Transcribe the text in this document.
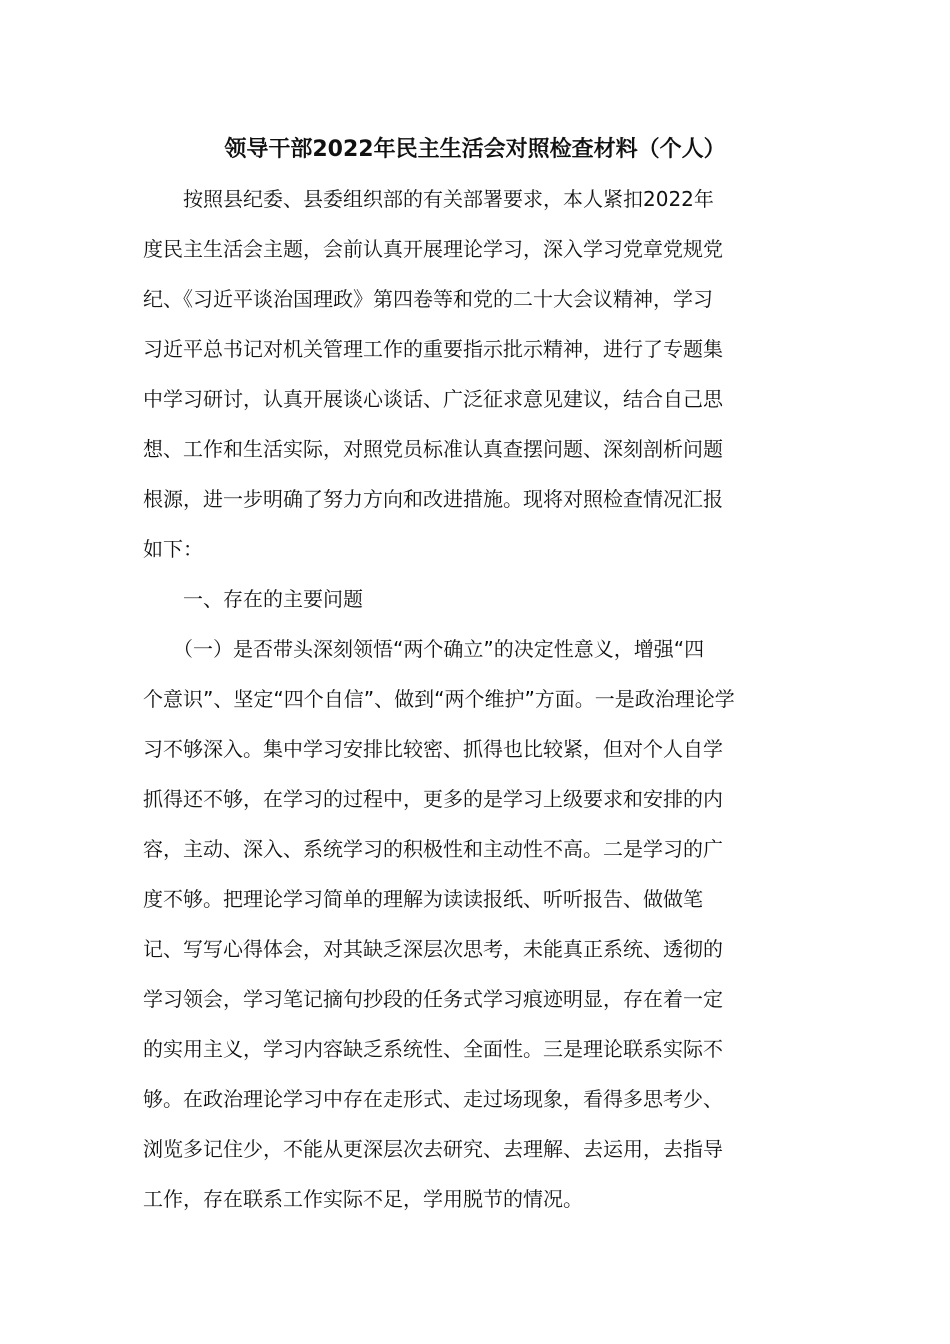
领导干部2022年民主生活会对照检查材料（个人）
　　按照县纪委、县委组织部的有关部署要求，本人紧扣2022年
度民主生活会主题，会前认真开展理论学习，深入学习党章党规党
纪、《习近平谈治国理政》第四卷等和党的二十大会议精神，学习
习近平总书记对机关管理工作的重要指示批示精神，进行了专题集
中学习研讨，认真开展谈心谈话、广泛征求意见建议，结合自己思
想、工作和生活实际，对照党员标准认真查摆问题、深刻剖析问题
根源，进一步明确了努力方向和改进措施。现将对照检查情况汇报
如下：
　　一、存在的主要问题
　　（一）是否带头深刻领悟“两个确立”的决定性意义，增强“四
个意识”、坚定“四个自信”、做到“两个维护”方面。一是政治理论学
习不够深入。集中学习安排比较密、抓得也比较紧，但对个人自学
抓得还不够，在学习的过程中，更多的是学习上级要求和安排的内
容，主动、深入、系统学习的积极性和主动性不高。二是学习的广
度不够。把理论学习简单的理解为读读报纸、听听报告、做做笔
记、写写心得体会，对其缺乏深层次思考，未能真正系统、透彻的
学习领会，学习笔记摘句抄段的任务式学习痕迹明显，存在着一定
的实用主义，学习内容缺乏系统性、全面性。三是理论联系实际不
够。在政治理论学习中存在走形式、走过场现象，看得多思考少、
浏览多记住少，不能从更深层次去研究、去理解、去运用，去指导
工作，存在联系工作实际不足，学用脱节的情况。
